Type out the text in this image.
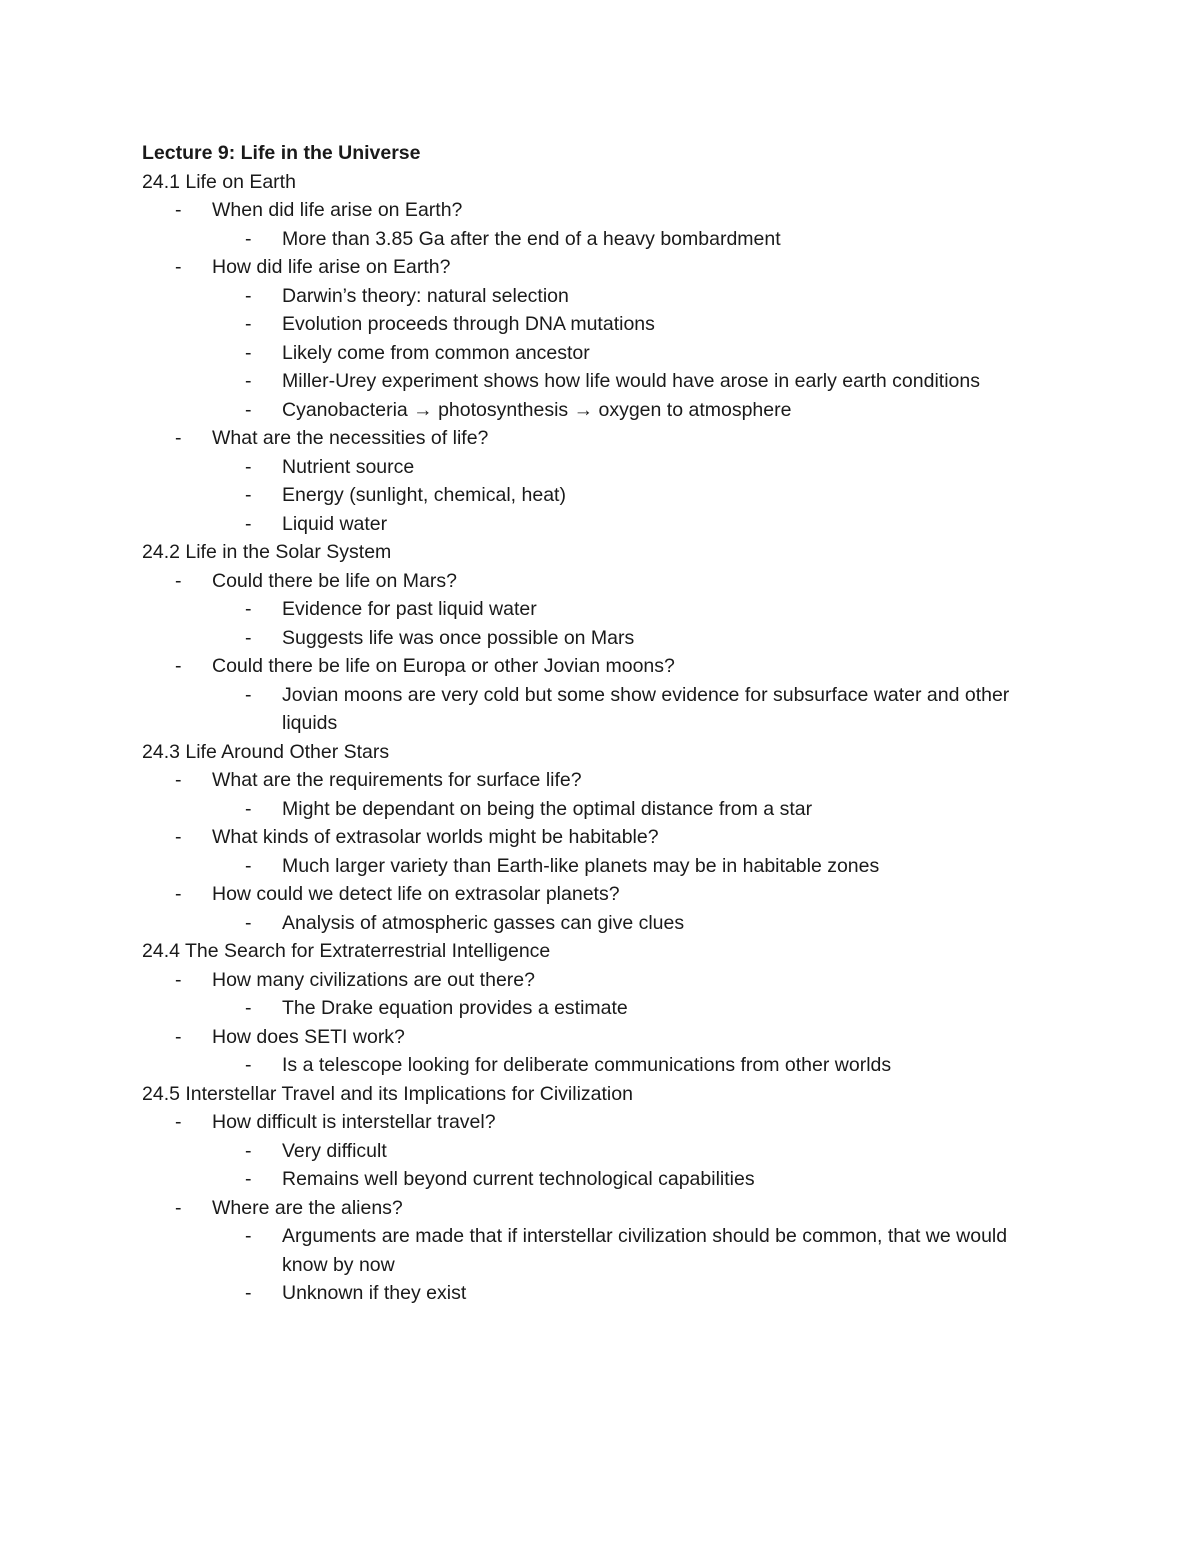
Lecture 9: Life in the Universe
24.1 Life on Earth
- When did life arise on Earth?
- More than 3.85 Ga after the end of a heavy bombardment
- How did life arise on Earth?
- Darwin’s theory: natural selection
- Evolution proceeds through DNA mutations
- Likely come from common ancestor
- Miller-Urey experiment shows how life would have arose in early earth conditions
- Cyanobacteria → photosynthesis → oxygen to atmosphere
- What are the necessities of life?
- Nutrient source
- Energy (sunlight, chemical, heat)
- Liquid water
24.2 Life in the Solar System
- Could there be life on Mars?
- Evidence for past liquid water
- Suggests life was once possible on Mars
- Could there be life on Europa or other Jovian moons?
- Jovian moons are very cold but some show evidence for subsurface water and other liquids
24.3 Life Around Other Stars
- What are the requirements for surface life?
- Might be dependant on being the optimal distance from a star
- What kinds of extrasolar worlds might be habitable?
- Much larger variety than Earth-like planets may be in habitable zones
- How could we detect life on extrasolar planets?
- Analysis of atmospheric gasses can give clues
24.4 The Search for Extraterrestrial Intelligence
- How many civilizations are out there?
- The Drake equation provides a estimate
- How does SETI work?
- Is a telescope looking for deliberate communications from other worlds
24.5 Interstellar Travel and its Implications for Civilization
- How difficult is interstellar travel?
- Very difficult
- Remains well beyond current technological capabilities
- Where are the aliens?
- Arguments are made that if interstellar civilization should be common, that we would know by now
- Unknown if they exist
